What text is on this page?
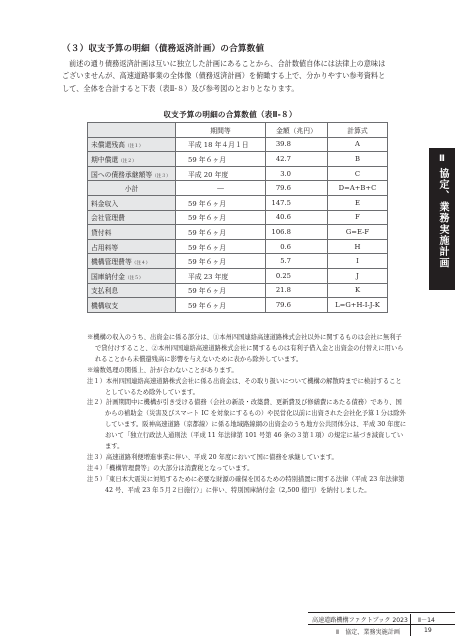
（３）収支予算の明細（債務返済計画）の合算数値

前述の通り債務返済計画は互いに独立した計画にあることから、合計数値自体には法律上の意味はございませんが、高速道路事業の全体像（債務返済計画）を俯瞰する上で、分かりやすい参考資料として、全体を合計すると下表（表Ⅱ-８）及び参考図のとおりとなります。

収支予算の明細の合算数値（表Ⅱ-８）
	期間等	金額（兆円）	計算式
未償還残高（注１）	平成 18 年４月１日	39.8	A
期中償還（注２）	59 年６ヶ月	42.7	B
国への債務承継額等（注３）	平成 20 年度	3.0	C
小計	―	79.6	D=A+B+C
料金収入	59 年６ヶ月	147.5	E
会社管理費	59 年６ヶ月	40.6	F
貸付料	59 年６ヶ月	106.8	G=E-F
占用料等	59 年６ヶ月	0.6	H
機構管理費等（注４）	59 年６ヶ月	5.7	I
国庫納付金（注５）	平成 23 年度	0.25	J
支払利息	59 年６ヶ月	21.8	K
機構収支	59 年６ヶ月	79.6	L=G+H-I-J-K

※機構の収入のうち、出資金に係る部分は、①本州四国連絡高速道路株式会社以外に関するものは会社に無利子で貸付けすること、②本州四国連絡高速道路株式会社に関するものは有利子借入金と出資金の付替えに用いられることから未償還残高に影響を与えないために表から除外しています。

※端数処理の関係上、計が合わないことがあります。

注１）本州四国連絡高速道路株式会社に係る出資金は、その取り扱いについて機構の解散時までに検討することとしているため除外しています。

注２）計画期間中に機構が引き受ける債務（会社の新設・改築費、更新費及び修繕費にあたる債務）であり、国からの補助金（災害及びスマート IC を対象にするもの）や民営化以前に出資された会社化予算１分は除外しています。阪神高速道路（京都線）に係る地域路線網の出資金のうち地方公共団体分は、平成 30 年度において「独立行政法人通則法（平成 11 年法律第 101 号第 46 条の３第１項）の規定に基づき減資しています。

注３）高速道路利便増進事業に伴い、平成 20 年度において国に債務を承継しています。

注４）「機構管理費等」の大部分は消費税となっています。

注５）「東日本大震災に対処するために必要な財源の確保を図るための特別措置に関する法律（平成 23 年法律第 42 号、平成 23 年５月２日施行）」に伴い、特別国庫納付金（2,500 億円）を納付しました。

Ⅱ
協定、業務実施計画
高速道路機構ファクトブック 2023 Ⅱ－14
Ⅱ　協定、業務実施計画	19
